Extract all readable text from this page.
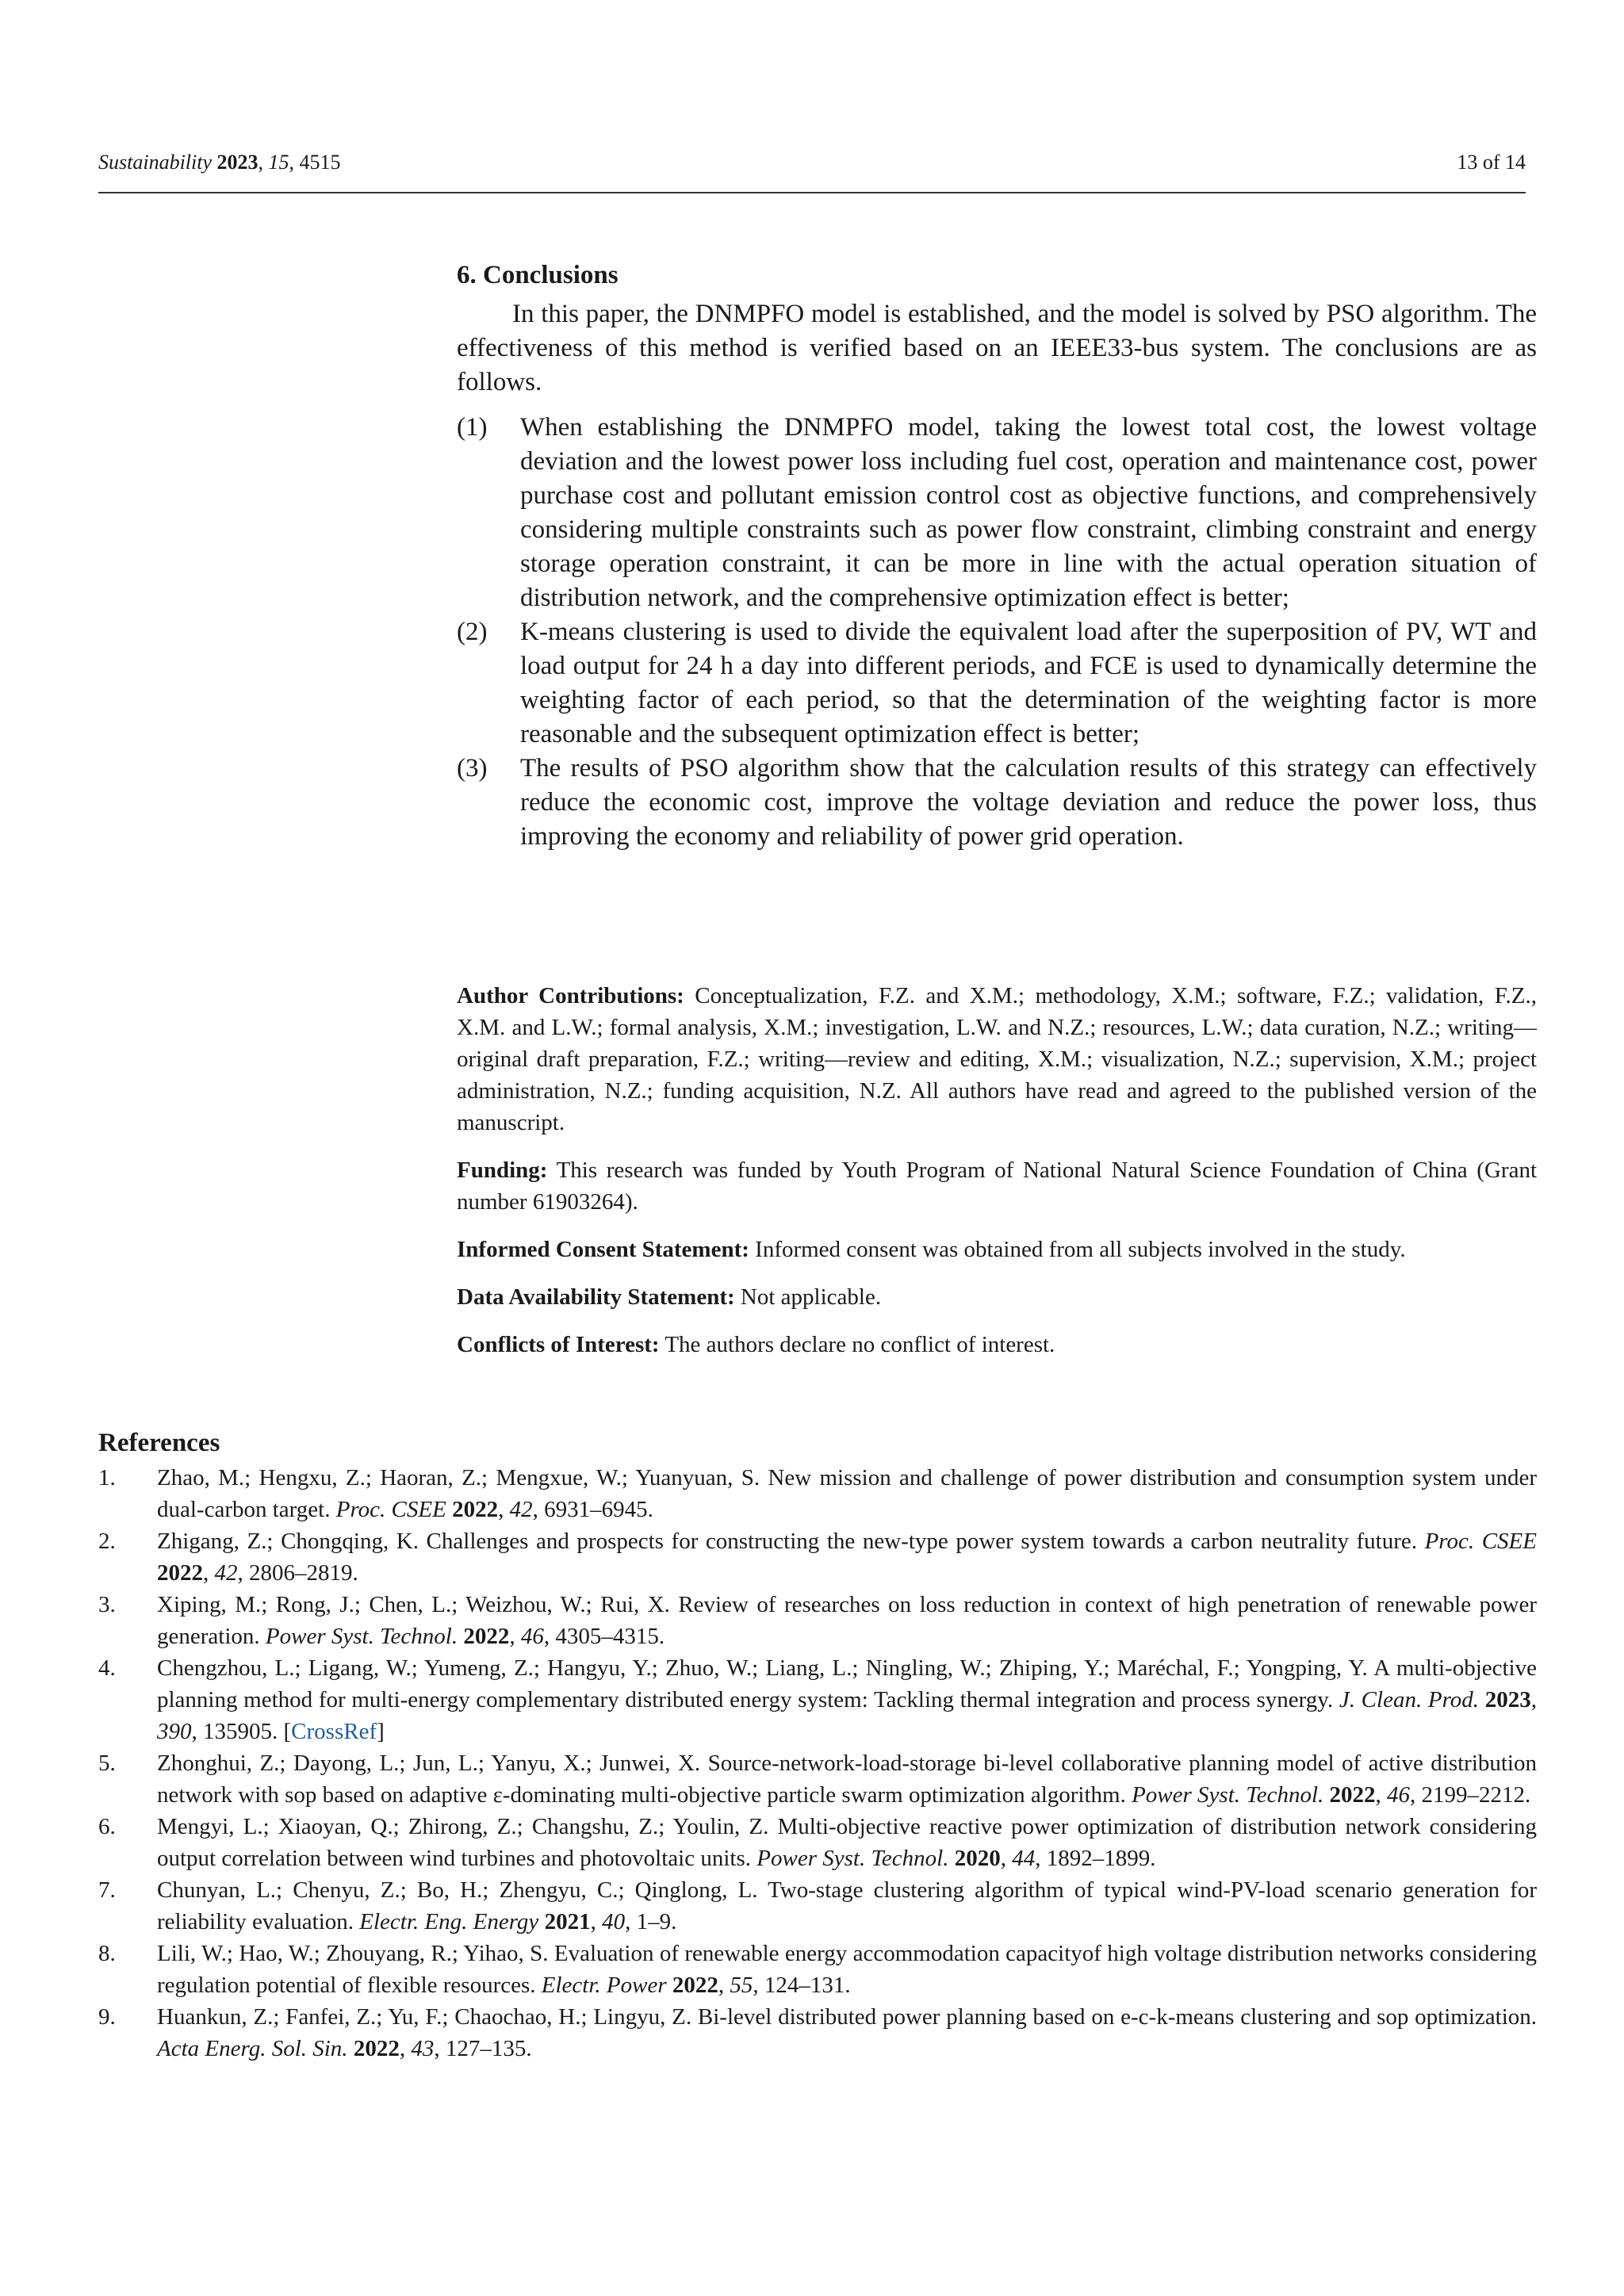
Sustainability 2023, 15, 4515	13 of 14
6. Conclusions

In this paper, the DNMPFO model is established, and the model is solved by PSO algorithm. The effectiveness of this method is verified based on an IEEE33-bus system. The conclusions are as follows.

(1)	When establishing the DNMPFO model, taking the lowest total cost, the lowest voltage deviation and the lowest power loss including fuel cost, operation and maintenance cost, power purchase cost and pollutant emission control cost as objective functions, and comprehensively considering multiple constraints such as power flow constraint, climbing constraint and energy storage operation constraint, it can be more in line with the actual operation situation of distribution network, and the comprehensive optimization effect is better;
(2)	K-means clustering is used to divide the equivalent load after the superposition of PV, WT and load output for 24 h a day into different periods, and FCE is used to dynamically determine the weighting factor of each period, so that the determination of the weighting factor is more reasonable and the subsequent optimization effect is better;
(3)	The results of PSO algorithm show that the calculation results of this strategy can effectively reduce the economic cost, improve the voltage deviation and reduce the power loss, thus improving the economy and reliability of power grid operation.

Author Contributions: Conceptualization, F.Z. and X.M.; methodology, X.M.; software, F.Z.; validation, F.Z., X.M. and L.W.; formal analysis, X.M.; investigation, L.W. and N.Z.; resources, L.W.; data curation, N.Z.; writing—original draft preparation, F.Z.; writing—review and editing, X.M.; visualization, N.Z.; supervision, X.M.; project administration, N.Z.; funding acquisition, N.Z. All authors have read and agreed to the published version of the manuscript.

Funding: This research was funded by Youth Program of National Natural Science Foundation of China (Grant number 61903264).

Informed Consent Statement: Informed consent was obtained from all subjects involved in the study.

Data Availability Statement: Not applicable.

Conflicts of Interest: The authors declare no conflict of interest.

References
1.	Zhao, M.; Hengxu, Z.; Haoran, Z.; Mengxue, W.; Yuanyuan, S. New mission and challenge of power distribution and consumption system under dual-carbon target. Proc. CSEE 2022, 42, 6931–6945.
2.	Zhigang, Z.; Chongqing, K. Challenges and prospects for constructing the new-type power system towards a carbon neutrality future. Proc. CSEE 2022, 42, 2806–2819.
3.	Xiping, M.; Rong, J.; Chen, L.; Weizhou, W.; Rui, X. Review of researches on loss reduction in context of high penetration of renewable power generation. Power Syst. Technol. 2022, 46, 4305–4315.
4.	Chengzhou, L.; Ligang, W.; Yumeng, Z.; Hangyu, Y.; Zhuo, W.; Liang, L.; Ningling, W.; Zhiping, Y.; Maréchal, F.; Yongping, Y. A multi-objective planning method for multi-energy complementary distributed energy system: Tackling thermal integration and process synergy. J. Clean. Prod. 2023, 390, 135905. [CrossRef]
5.	Zhonghui, Z.; Dayong, L.; Jun, L.; Yanyu, X.; Junwei, X. Source-network-load-storage bi-level collaborative planning model of active distribution network with sop based on adaptive ε-dominating multi-objective particle swarm optimization algorithm. Power Syst. Technol. 2022, 46, 2199–2212.
6.	Mengyi, L.; Xiaoyan, Q.; Zhirong, Z.; Changshu, Z.; Youlin, Z. Multi-objective reactive power optimization of distribution network considering output correlation between wind turbines and photovoltaic units. Power Syst. Technol. 2020, 44, 1892–1899.
7.	Chunyan, L.; Chenyu, Z.; Bo, H.; Zhengyu, C.; Qinglong, L. Two-stage clustering algorithm of typical wind-PV-load scenario generation for reliability evaluation. Electr. Eng. Energy 2021, 40, 1–9.
8.	Lili, W.; Hao, W.; Zhouyang, R.; Yihao, S. Evaluation of renewable energy accommodation capacityof high voltage distribution networks considering regulation potential of flexible resources. Electr. Power 2022, 55, 124–131.
9.	Huankun, Z.; Fanfei, Z.; Yu, F.; Chaochao, H.; Lingyu, Z. Bi-level distributed power planning based on e-c-k-means clustering and sop optimization. Acta Energ. Sol. Sin. 2022, 43, 127–135.
